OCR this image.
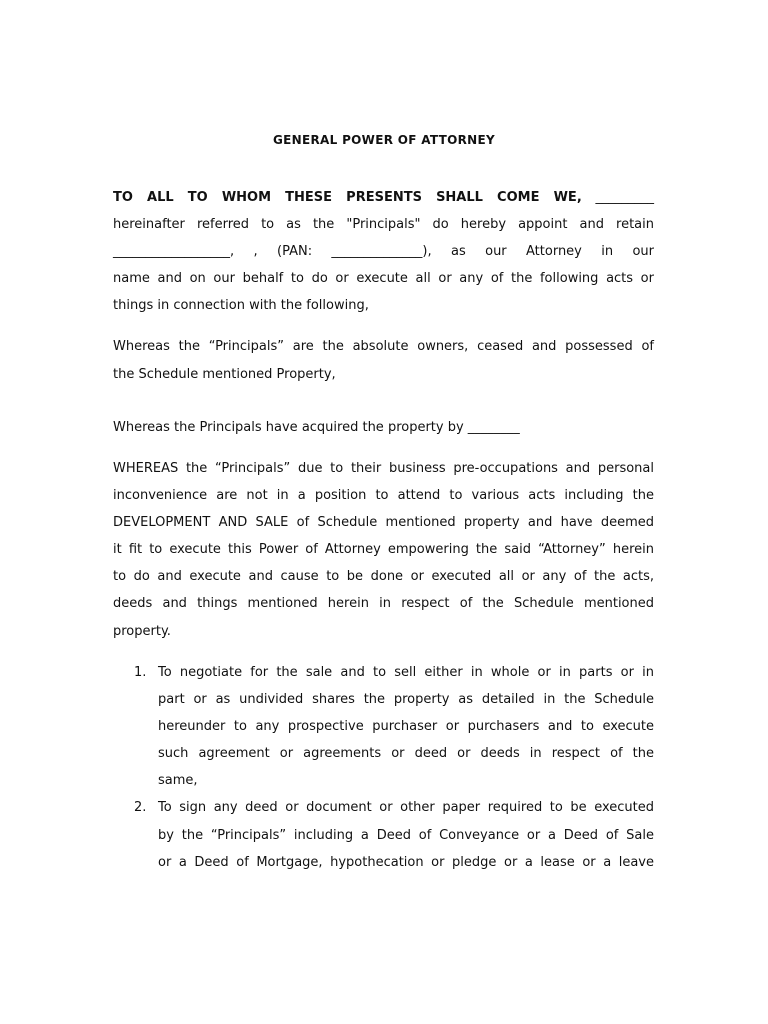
GENERAL POWER OF ATTORNEY
TO ALL TO WHOM THESE PRESENTS SHALL COME WE, _________
hereinafter referred to as the "Principals" do hereby appoint and retain
__________________, , (PAN: ______________), as our Attorney in our
name and on our behalf to do or execute all or any of the following acts or
things in connection with the following,
Whereas the “Principals” are the absolute owners, ceased and possessed of
the Schedule mentioned Property,
Whereas the Principals have acquired the property by ________
WHEREAS the “Principals” due to their business pre-occupations and personal
inconvenience are not in a position to attend to various acts including the
DEVELOPMENT AND SALE of Schedule mentioned property and have deemed
it fit to execute this Power of Attorney empowering the said “Attorney” herein
to do and execute and cause to be done or executed all or any of the acts,
deeds and things mentioned herein in respect of the Schedule mentioned
property.
1. To negotiate for the sale and to sell either in whole or in parts or in
part or as undivided shares the property as detailed in the Schedule
hereunder to any prospective purchaser or purchasers and to execute
such agreement or agreements or deed or deeds in respect of the
same,
2. To sign any deed or document or other paper required to be executed
by the “Principals” including a Deed of Conveyance or a Deed of Sale
or a Deed of Mortgage, hypothecation or pledge or a lease or a leave
